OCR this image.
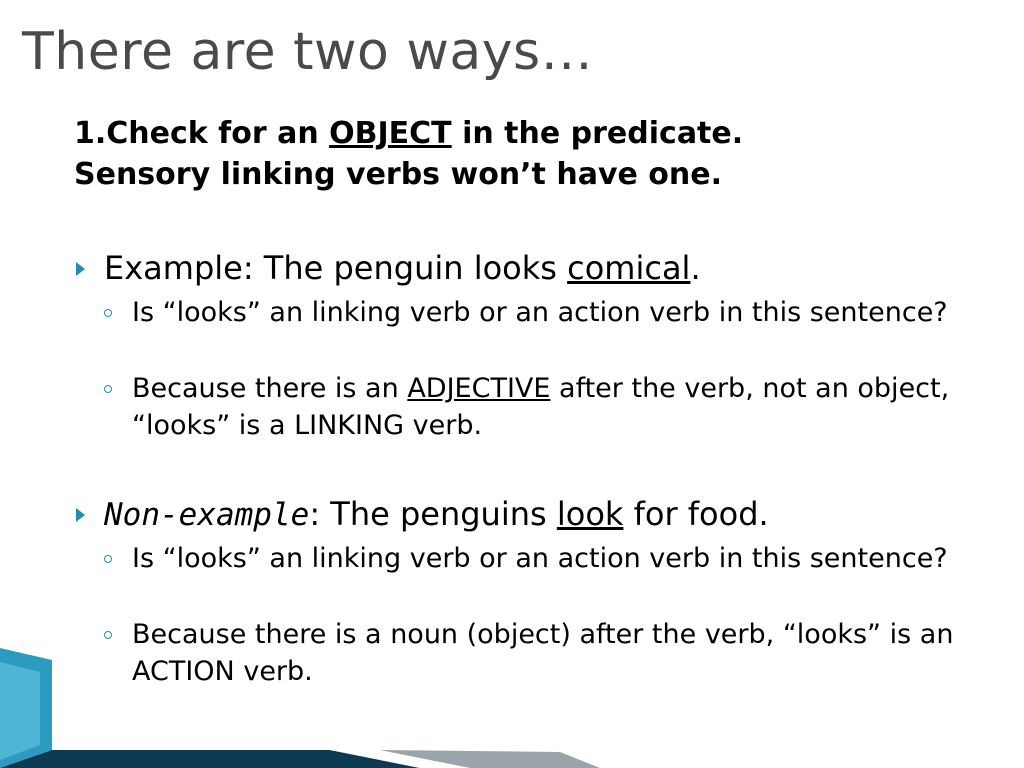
There are two ways…
1.Check for an OBJECT in the predicate.
Sensory linking verbs won’t have one.
Example: The penguin looks comical.
Is “looks” an linking verb or an action verb in this sentence?
Because there is an ADJECTIVE after the verb, not an object, “looks” is a LINKING verb.
Non-example: The penguins look for food.
Is “looks” an linking verb or an action verb in this sentence?
Because there is a noun (object) after the verb, “looks” is an ACTION verb.
